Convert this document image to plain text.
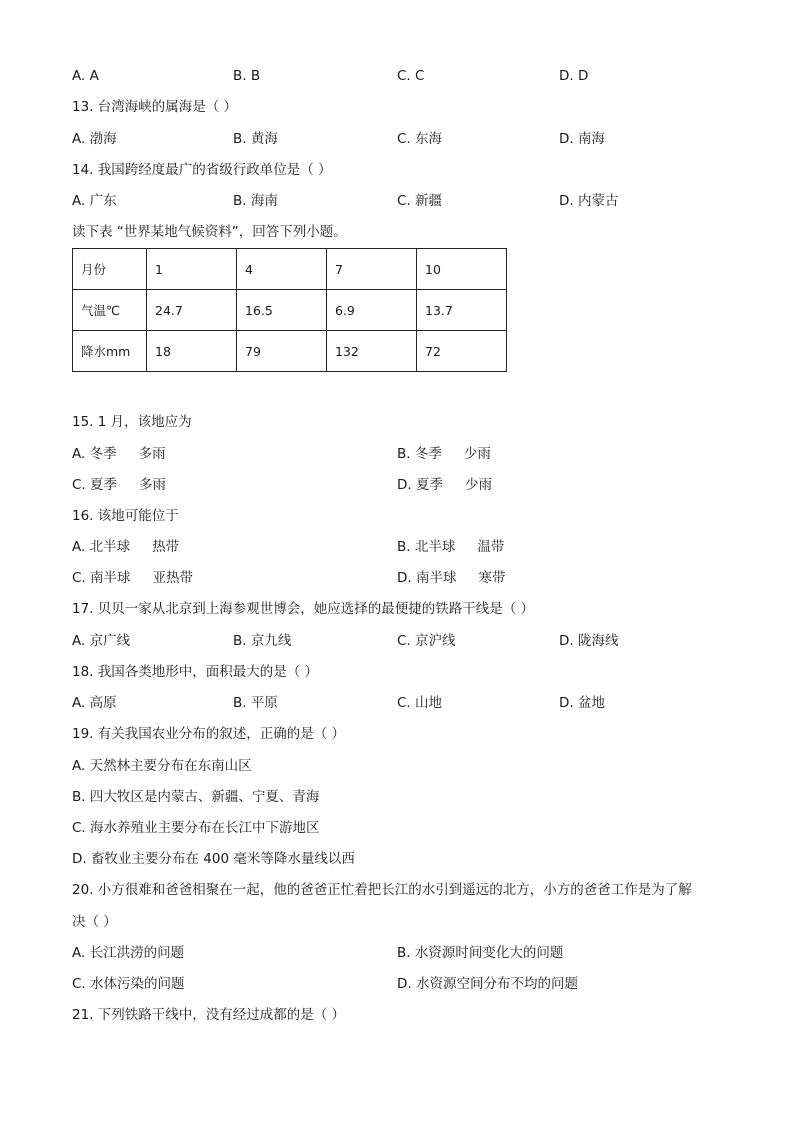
A. A	B. B	C. C	D. D
13. 台湾海峡的属海是（ ）
A. 渤海	B. 黄海	C. 东海	D. 南海
14. 我国跨经度最广的省级行政单位是（ ）
A. 广东	B. 海南	C. 新疆	D. 内蒙古
读下表 “世界某地气候资料”，回答下列小题。
月份	1	4	7	10
气温℃	24.7	16.5	6.9	13.7
降水mm	18	79	132	72
15. 1 月，该地应为
A. 冬季 多雨	B. 冬季 少雨
C. 夏季 多雨	D. 夏季 少雨
16. 该地可能位于
A. 北半球 热带	B. 北半球 温带
C. 南半球 亚热带	D. 南半球 寒带
17. 贝贝一家从北京到上海参观世博会，她应选择的最便捷的铁路干线是（ ）
A. 京广线	B. 京九线	C. 京沪线	D. 陇海线
18. 我国各类地形中，面积最大的是（ ）
A. 高原	B. 平原	C. 山地	D. 盆地
19. 有关我国农业分布的叙述，正确的是（ ）
A. 天然林主要分布在东南山区
B. 四大牧区是内蒙古、新疆、宁夏、青海
C. 海水养殖业主要分布在长江中下游地区
D. 畜牧业主要分布在 400 毫米等降水量线以西
20. 小方很难和爸爸相聚在一起，他的爸爸正忙着把长江的水引到遥远的北方，小方的爸爸工作是为了解
决（ ）
A. 长江洪涝的问题	B. 水资源时间变化大的问题
C. 水体污染的问题	D. 水资源空间分布不均的问题
21. 下列铁路干线中，没有经过成都的是（ ）
